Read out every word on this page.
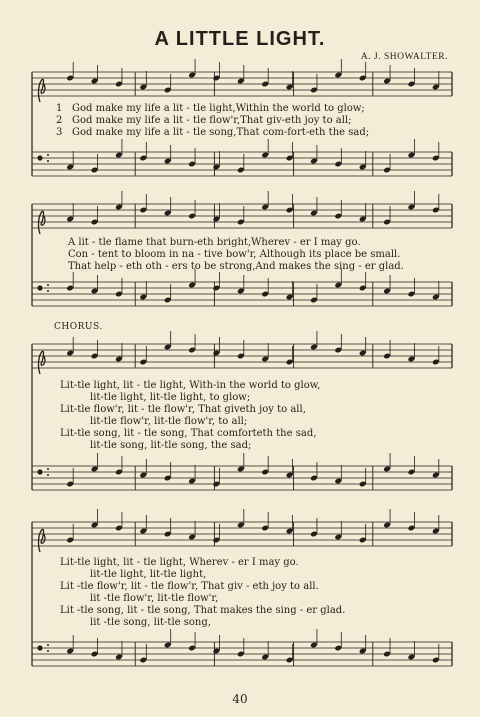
A LITTLE LIGHT.
A. J. SHOWALTER.
1
2
3
God make my life a lit - tle light,Within the world to glow;
God make my life a lit - tle flow'r,That giv-eth joy to all;
God make my life a lit - tle song,That com-fort-eth the sad;
A lit - tle flame that burn-eth bright,Wherev - er I may go.
Con - tent to bloom in na - tive bow'r, Although its place be small.
That help - eth oth - ers to be strong,And makes the sing - er glad.
CHORUS.
Lit-tle light, lit - tle light, With-in the world to glow,
lit-tle light, lit-tle light, to glow;
Lit-tle flow'r, lit - tle flow'r, That giveth joy to all,
lit-tle flow'r, lit-tle flow'r, to all;
Lit-tle song, lit - tle song, That comforteth the sad,
lit-tle song, lit-tle song, the sad;
Lit-tle light, lit - tle light, Wherev - er I may go.
lit-tle light, lit-tle light,
Lit -tle flow'r, lit - tle flow'r, That giv - eth joy to all.
lit -tle flow'r, lit-tle flow'r,
Lit -tle song, lit - tle song, That makes the sing - er glad.
lit -tle song, lit-tle song,
40
